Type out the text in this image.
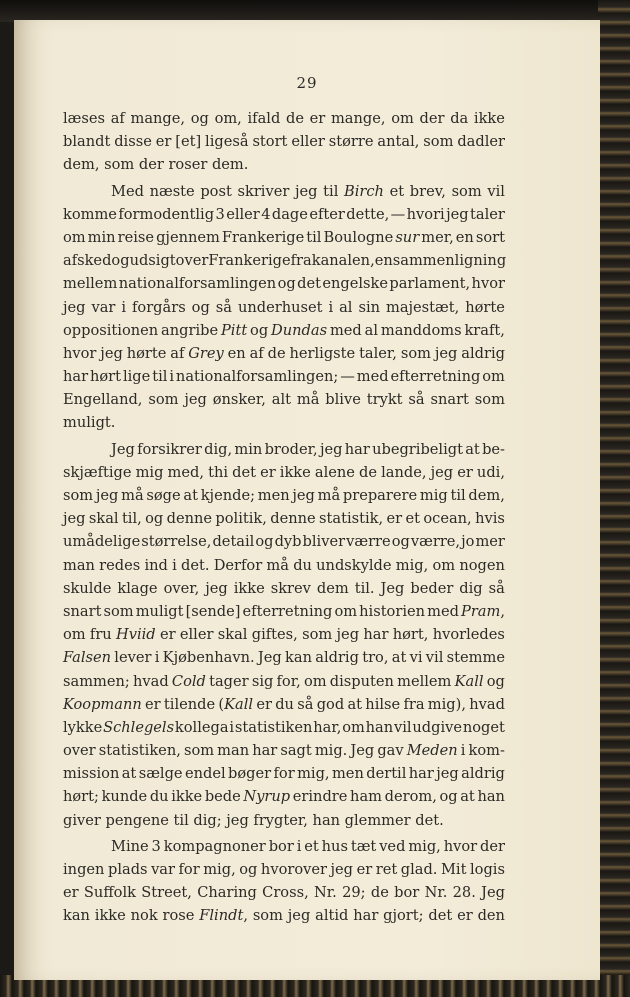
29
læses af mange, og om, ifald de er mange, om der da ikke
blandt disse er [et] ligeså stort eller større antal, som dadler
dem, som der roser dem.
Med næste post skriver jeg til Birch et brev, som vil
komme formodentlig 3 eller 4 dage efter dette, — hvori jeg taler
om min reise gjennem Frankerige til Boulogne sur mer, en sort
afsked og udsigt over Frankerige fra kanalen, en sammenligning
mellem nationalforsamlingen og det engelske parlament, hvor
jeg var i forgårs og så underhuset i al sin majestæt, hørte
oppositionen angribe Pitt og Dundas med al manddoms kraft,
hvor jeg hørte af Grey en af de herligste taler, som jeg aldrig
har hørt lige til i nationalforsamlingen; — med efterretning om
Engelland, som jeg ønsker, alt må blive trykt så snart som
muligt.
Jeg forsikrer dig, min broder, jeg har ubegribeligt at be-
skjæftige mig med, thi det er ikke alene de lande, jeg er udi,
som jeg må søge at kjende; men jeg må preparere mig til dem,
jeg skal til, og denne politik, denne statistik, er et ocean, hvis
umådelige størrelse, detail og dyb bliver værre og værre, jo mer
man redes ind i det. Derfor må du undskylde mig, om nogen
skulde klage over, jeg ikke skrev dem til. Jeg beder dig så
snart som muligt [sende] efterretning om historien med Pram,
om fru Hviid er eller skal giftes, som jeg har hørt, hvorledes
Falsen lever i Kjøbenhavn. Jeg kan aldrig tro, at vi vil stemme
sammen; hvad Cold tager sig for, om disputen mellem Kall og
Koopmann er tilende (Kall er du så god at hilse fra mig), hvad
lykke Schlegels kollega i statistiken har, om han vil udgive noget
over statistiken, som man har sagt mig. Jeg gav Meden i kom-
mission at sælge endel bøger for mig, men dertil har jeg aldrig
hørt; kunde du ikke bede Nyrup erindre ham derom, og at han
giver pengene til dig; jeg frygter, han glemmer det.
Mine 3 kompagnoner bor i et hus tæt ved mig, hvor der
ingen plads var for mig, og hvorover jeg er ret glad. Mit logis
er Suffolk Street, Charing Cross, Nr. 29; de bor Nr. 28. Jeg
kan ikke nok rose Flindt, som jeg altid har gjort; det er den
